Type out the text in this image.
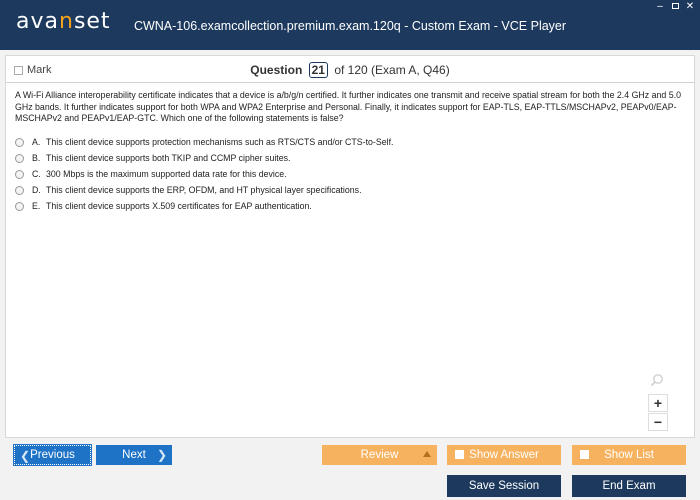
avanset	CWNA-106.examcollection.premium.exam.120q - Custom Exam - VCE Player
–	✕
Mark	Question 21 of 120 (Exam A, Q46)
A Wi-Fi Alliance interoperability certificate indicates that a device is a/b/g/n certified. It further indicates one transmit and receive spatial stream for both the 2.4 GHz and 5.0 GHz bands. It further indicates support for both WPA and WPA2 Enterprise and Personal. Finally, it indicates support for EAP-TLS, EAP-TTLS/MSCHAPv2, PEAPv0/EAP-MSCHAPv2 and PEAPv1/EAP-GTC. Which one of the following statements is false?
A. This client device supports protection mechanisms such as RTS/CTS and/or CTS-to-Self.
B. This client device supports both TKIP and CCMP cipher suites.
C. 300 Mbps is the maximum supported data rate for this device.
D. This client device supports the ERP, OFDM, and HT physical layer specifications.
E. This client device supports X.509 certificates for EAP authentication.
+
−
❮ Previous	Next ❯	Review	Show Answer	Show List
Save Session	End Exam
